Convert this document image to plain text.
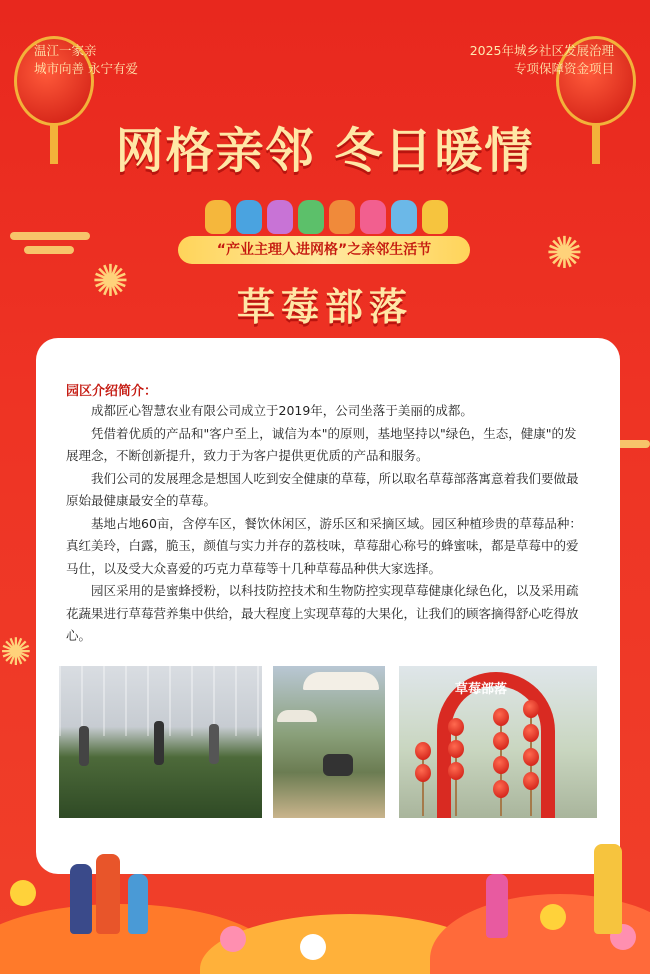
温江一家亲
城市向善 永宁有爱
2025年城乡社区发展治理
专项保障资金项目
网格亲邻 冬日暖情
✺
✺
✺
“产业主理人进网格”之亲邻生活节
草莓部落
园区介绍简介：

成都匠心智慧农业有限公司成立于2019年，公司坐落于美丽的成都。

凭借着优质的产品和"客户至上，诚信为本"的原则，基地坚持以"绿色，生态，健康"的发展理念，不断创新提升，致力于为客户提供更优质的产品和服务。

我们公司的发展理念是想国人吃到安全健康的草莓，所以取名草莓部落寓意着我们要做最原始最健康最安全的草莓。

基地占地60亩，含停车区，餐饮休闲区，游乐区和采摘区域。园区种植珍贵的草莓品种：真红美玲，白露，脆玉，颜值与实力并存的荔枝味，草莓甜心称号的蜂蜜味，都是草莓中的爱马仕，以及受大众喜爱的巧克力草莓等十几种草莓品种供大家选择。

园区采用的是蜜蜂授粉，以科技防控技术和生物防控实现草莓健康化绿色化，以及采用疏花蔬果进行草莓营养集中供给，最大程度上实现草莓的大果化，让我们的顾客摘得舒心吃得放心。

草莓部落
